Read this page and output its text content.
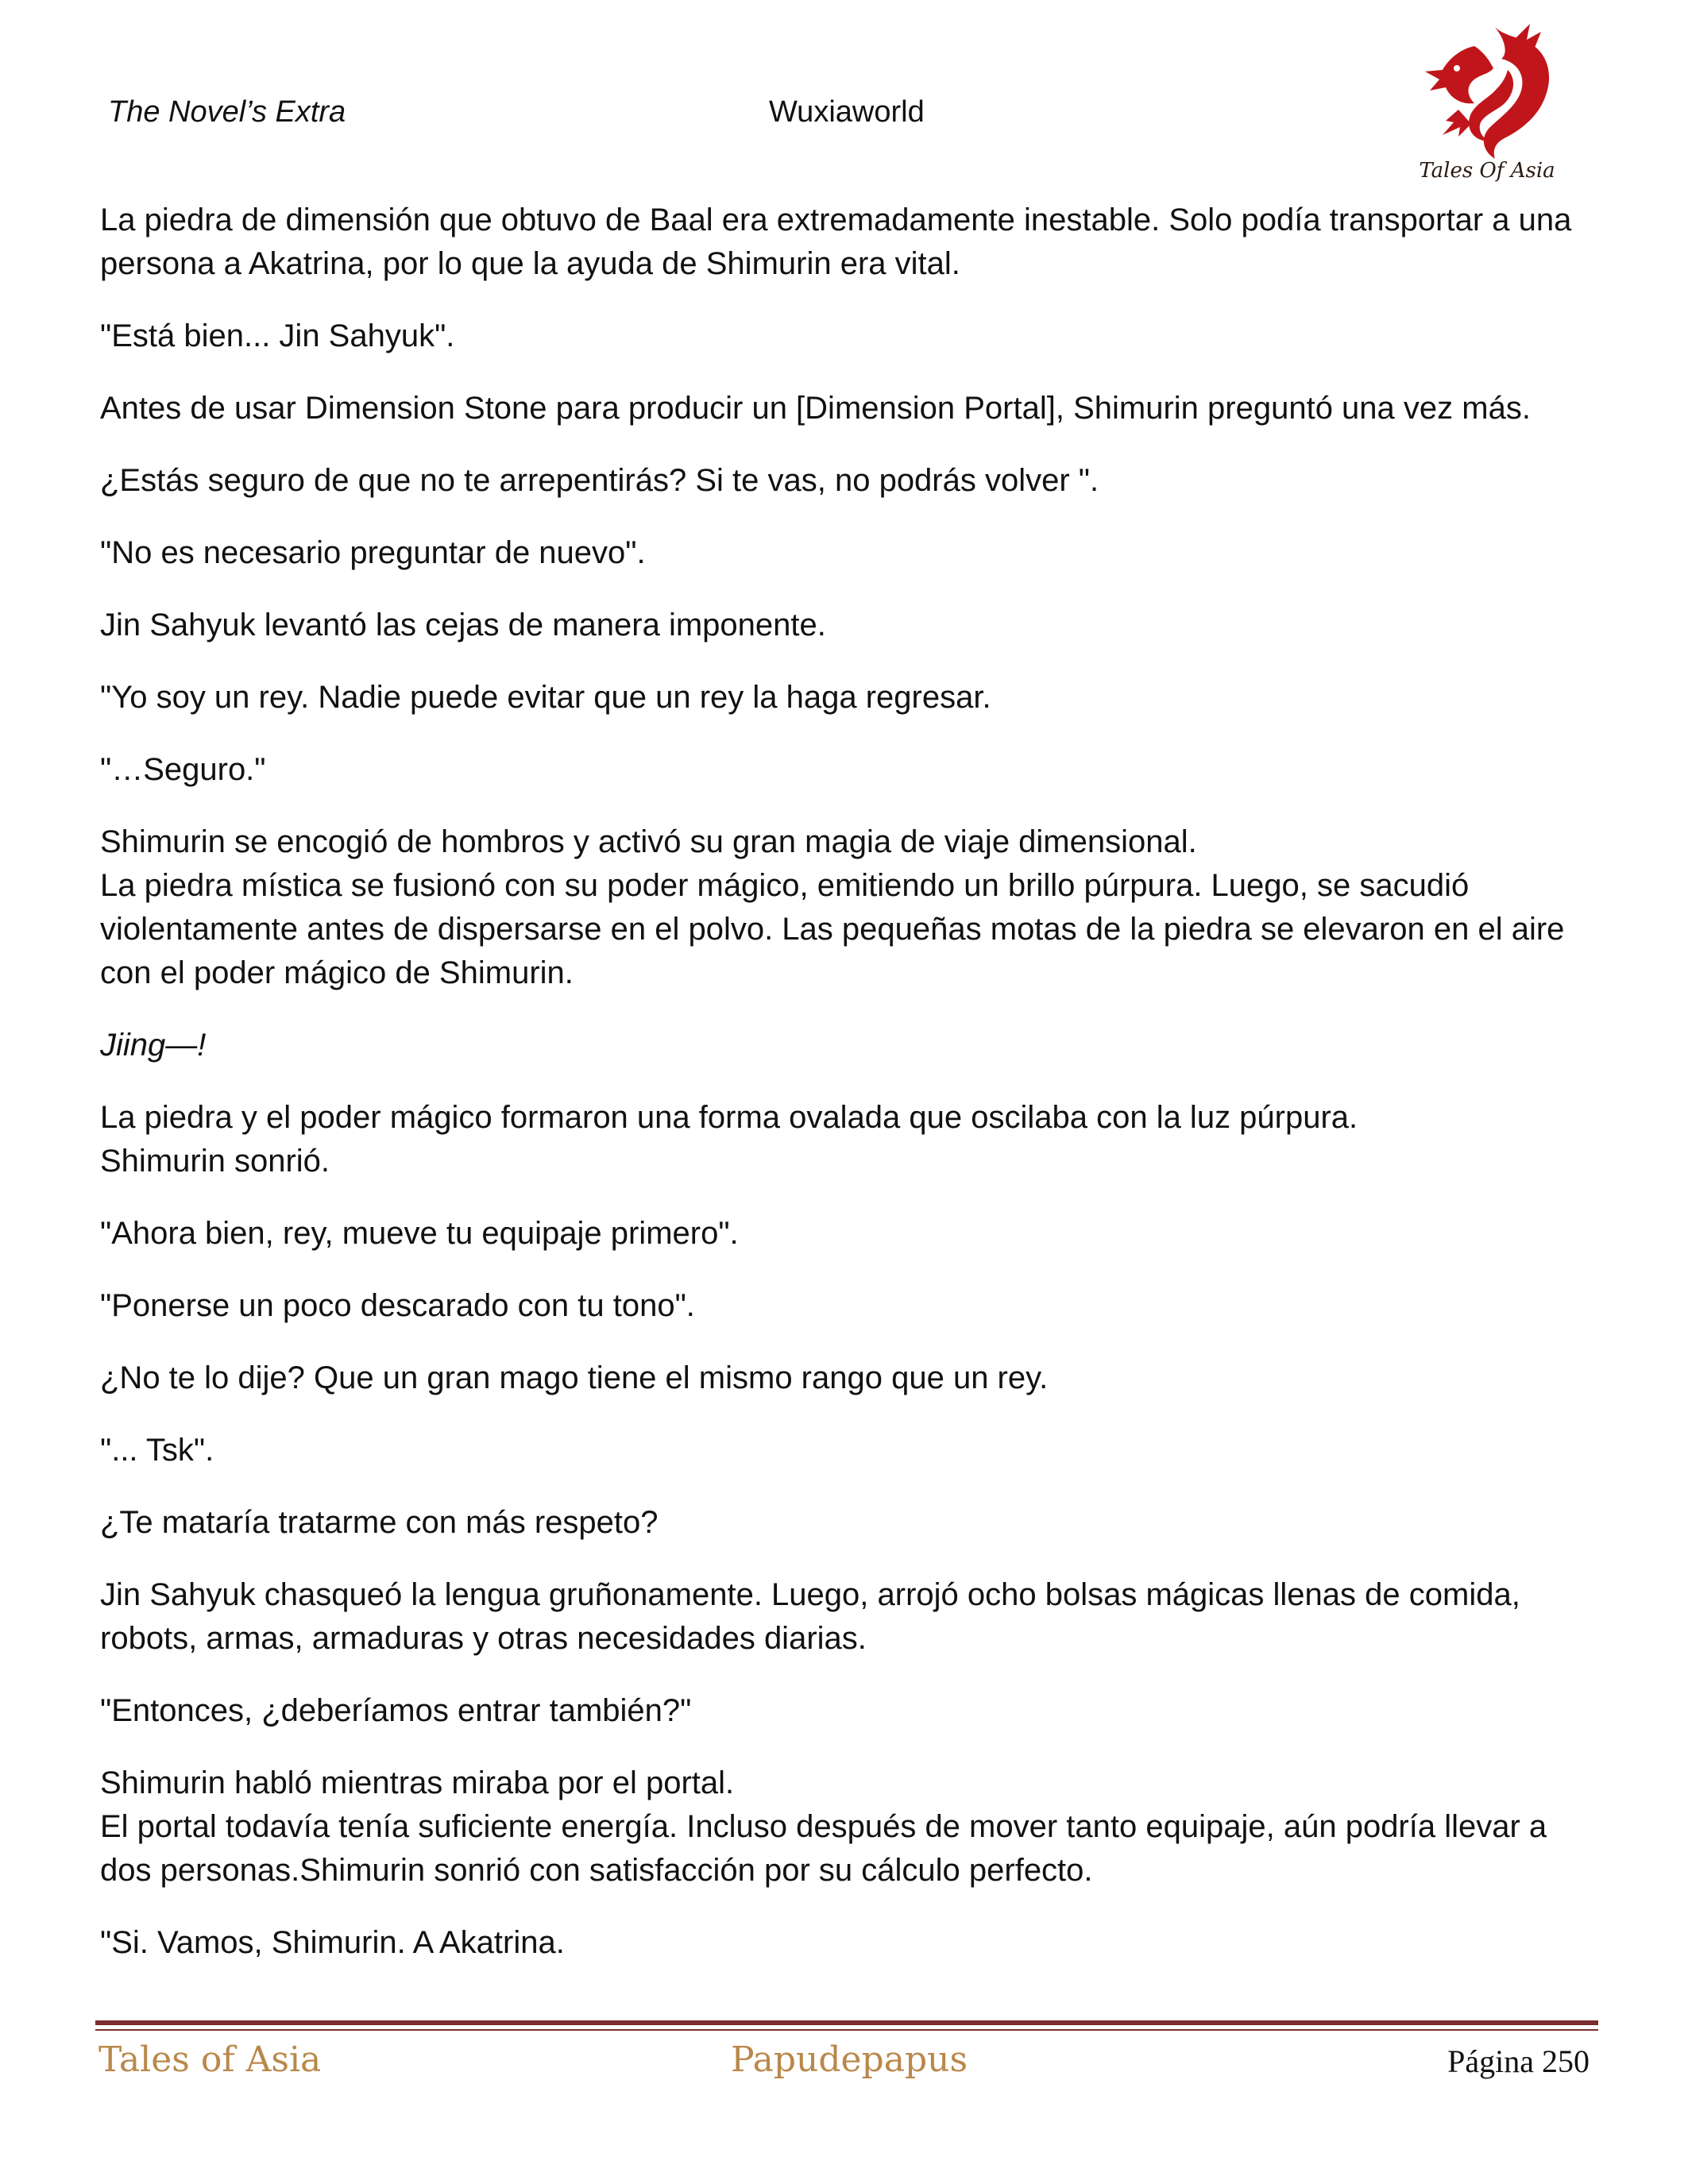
The Novel’s Extra	Wuxiaworld
Tales Of Asia

La piedra de dimensión que obtuvo de Baal era extremadamente inestable. Solo podía transportar a una persona a Akatrina, por lo que la ayuda de Shimurin era vital.

"Está bien... Jin Sahyuk".

Antes de usar Dimension Stone para producir un [Dimension Portal], Shimurin preguntó una vez más.

¿Estás seguro de que no te arrepentirás? Si te vas, no podrás volver ".

"No es necesario preguntar de nuevo".

Jin Sahyuk levantó las cejas de manera imponente.

"Yo soy un rey. Nadie puede evitar que un rey la haga regresar.

"…Seguro."

Shimurin se encogió de hombros y activó su gran magia de viaje dimensional.

La piedra mística se fusionó con su poder mágico, emitiendo un brillo púrpura. Luego, se sacudió violentamente antes de dispersarse en el polvo. Las pequeñas motas de la piedra se elevaron en el aire con el poder mágico de Shimurin.

Jiing—!

La piedra y el poder mágico formaron una forma ovalada que oscilaba con la luz púrpura.

Shimurin sonrió.

"Ahora bien, rey, mueve tu equipaje primero".

"Ponerse un poco descarado con tu tono".

¿No te lo dije? Que un gran mago tiene el mismo rango que un rey.

"... Tsk".

¿Te mataría tratarme con más respeto?

Jin Sahyuk chasqueó la lengua gruñonamente. Luego, arrojó ocho bolsas mágicas llenas de comida, robots, armas, armaduras y otras necesidades diarias.

"Entonces, ¿deberíamos entrar también?"

Shimurin habló mientras miraba por el portal.

El portal todavía tenía suficiente energía. Incluso después de mover tanto equipaje, aún podría llevar a dos personas.Shimurin sonrió con satisfacción por su cálculo perfecto.

"Si. Vamos, Shimurin. A Akatrina.

Tales of Asia	Papudepapus	Página 250
